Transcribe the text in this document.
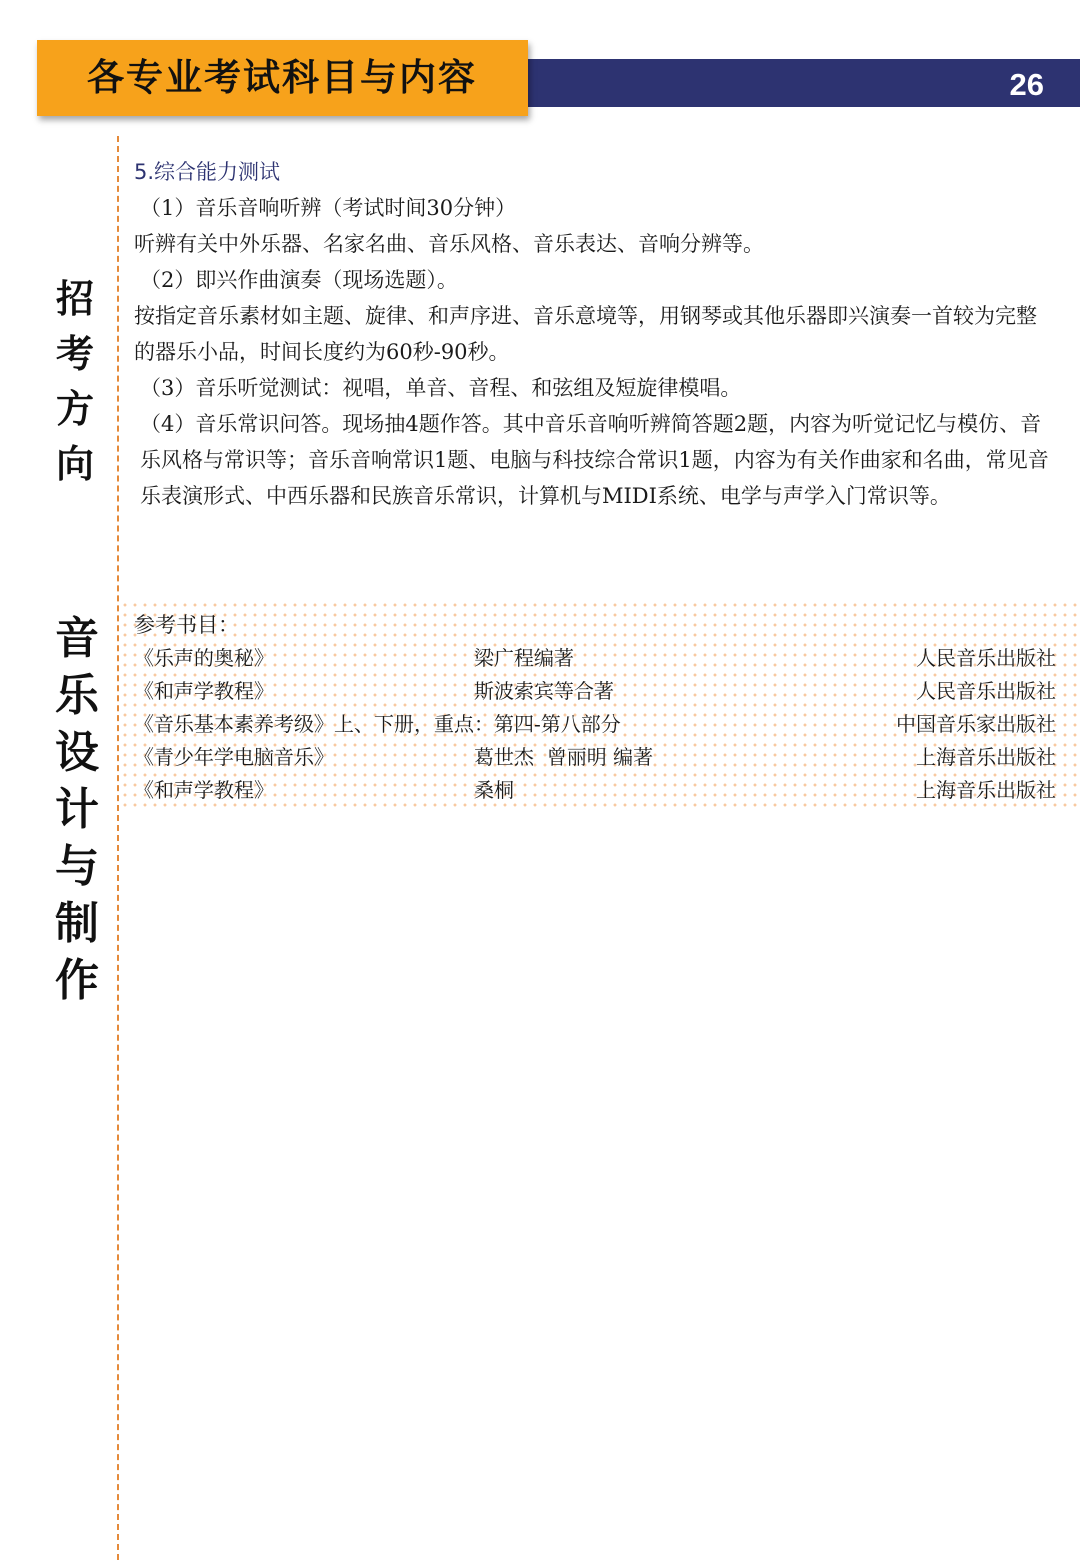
26
各专业考试科目与内容
招
考
方
向
音
乐
设
计
与
制
作

5.综合能力测试

（1）音乐音响听辨（考试时间30分钟）

听辨有关中外乐器、名家名曲、音乐风格、音乐表达、音响分辨等。

（2）即兴作曲演奏（现场选题）。

按指定音乐素材如主题、旋律、和声序进、音乐意境等，用钢琴或其他乐器即兴演奏一首较为完整的器乐小品，时间长度约为60秒-90秒。

（3）音乐听觉测试：视唱，单音、音程、和弦组及短旋律模唱。

（4）音乐常识问答。现场抽4题作答。其中音乐音响听辨简答题2题，内容为听觉记忆与模仿、音乐风格与常识等；音乐音响常识1题、电脑与科技综合常识1题，内容为有关作曲家和名曲，常见音乐表演形式、中西乐器和民族音乐常识，计算机与MIDI系统、电学与声学入门常识等。

参考书目：
《乐声的奥秘》	梁广程编著	人民音乐出版社
《和声学教程》	斯波索宾等合著	人民音乐出版社
《音乐基本素养考级》上、下册，重点：第四-第八部分	中国音乐家出版社
《青少年学电脑音乐》	葛世杰  曾丽明 编著	上海音乐出版社
《和声学教程》	桑桐	上海音乐出版社
